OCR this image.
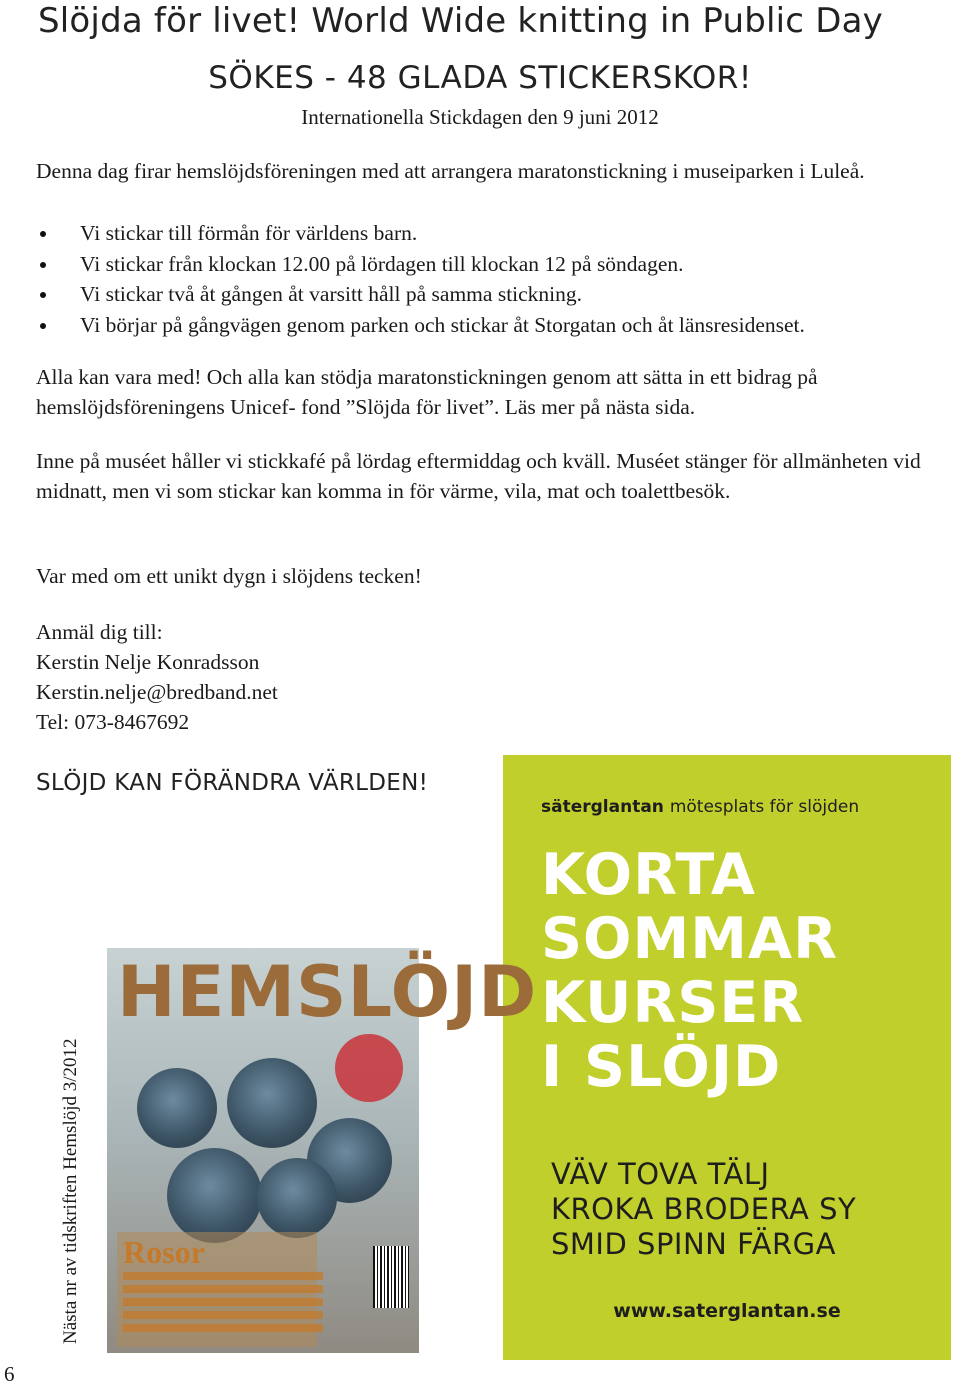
Slöjda för livet! World Wide knitting in Public Day
SÖKES - 48 GLADA STICKERSKOR!
Internationella Stickdagen den 9 juni 2012
Denna dag firar hemslöjdsföreningen med att arrangera maratonstickning i museiparken i Luleå.
Vi stickar till förmån för världens barn.
Vi stickar från klockan 12.00 på lördagen till klockan 12 på söndagen.
Vi stickar två åt gången åt varsitt håll på samma stickning.
Vi börjar på gångvägen genom parken och stickar åt Storgatan och åt länsresidenset.
Alla kan vara med! Och alla kan stödja maratonstickningen genom att sätta in ett bidrag på hemslöjdsföreningens Unicef- fond ”Slöjda för livet”. Läs mer på nästa sida.
Inne på muséet håller vi stickkafé på lördag eftermiddag och kväll. Muséet stänger för allmänheten vid midnatt, men vi som stickar kan komma in för värme, vila, mat och toalettbesök.
Var med om ett unikt dygn i slöjdens tecken!
Anmäl dig till:
Kerstin Nelje Konradsson
Kerstin.nelje@bredband.net
Tel: 073-8467692
SLÖJD KAN FÖRÄNDRA VÄRLDEN!
säterglantan mötesplats för slöjden
KORTA
SOMMAR
KURSER
I SLÖJD
VÄV TOVA TÄLJ
KROKA BRODERA SY
SMID SPINN FÄRGA
www.saterglantan.se
HEMSLÖJD
Rosor
Nästa nr av tidskriften Hemslöjd 3/2012
6
